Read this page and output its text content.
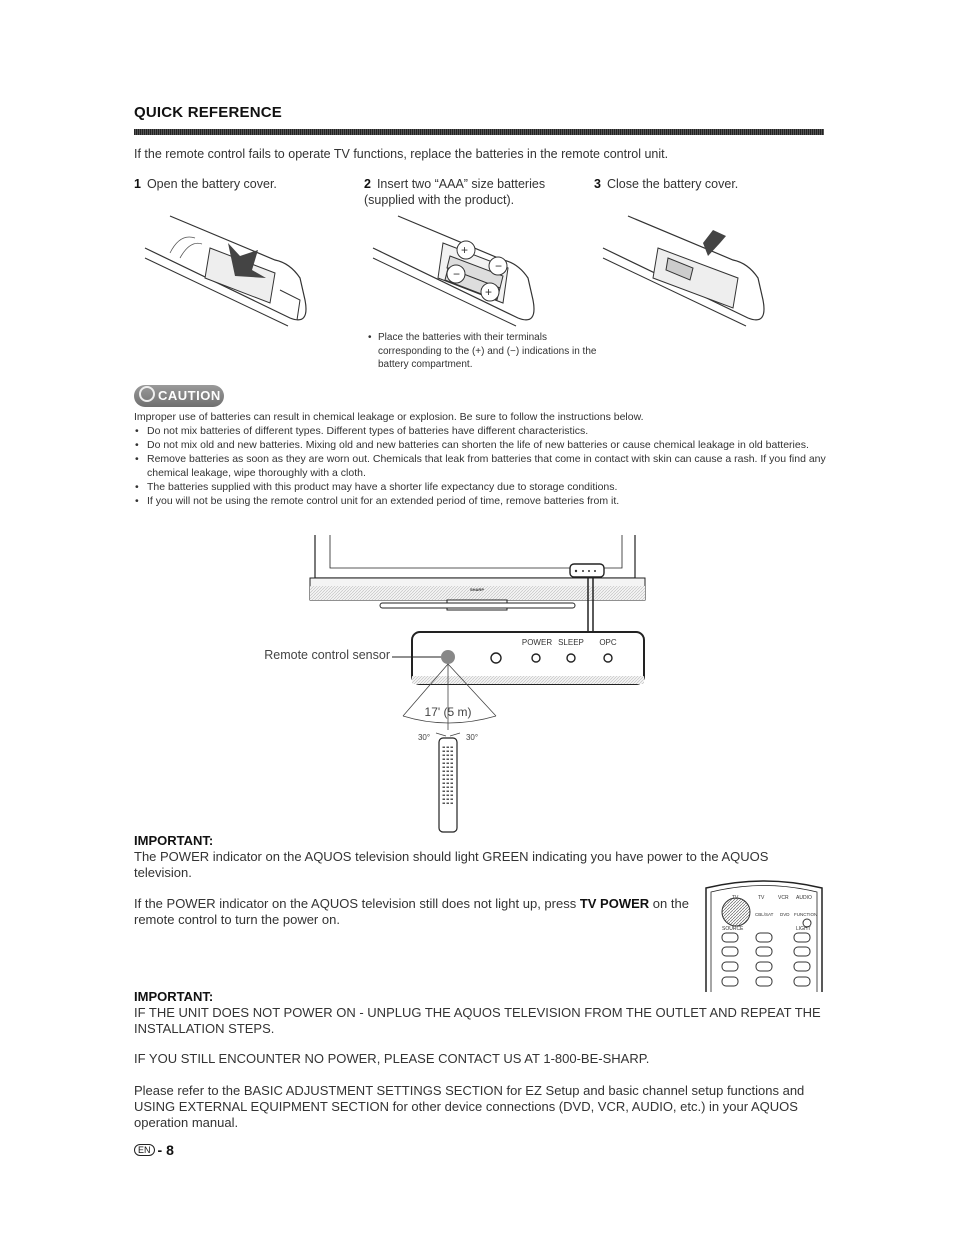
QUICK REFERENCE
If the remote control fails to operate TV functions, replace the batteries in the remote control unit.
1 Open the battery cover.	2 Insert two “AAA” size batteries (supplied with the product).
3 Close the battery cover.
+
−
−
+
• Place the batteries with their terminals corresponding to the (+) and (−) indications in the battery compartment.
CAUTION
Improper use of batteries can result in chemical leakage or explosion. Be sure to follow the instructions below.
• Do not mix batteries of different types. Different types of batteries have different characteristics.
• Do not mix old and new batteries. Mixing old and new batteries can shorten the life of new batteries or cause chemical leakage in old batteries.
• Remove batteries as soon as they are worn out. Chemicals that leak from batteries that come in contact with skin can cause a rash. If you find any chemical leakage, wipe thoroughly with a cloth.
• The batteries supplied with this product may have a shorter life expectancy due to storage conditions.
• If you will not be using the remote control unit for an extended period of time, remove batteries from it.
SHARP
POWER SLEEP OPC
Remote control sensor
17' (5 m)
30°	30°
IMPORTANT:
The POWER indicator on the AQUOS television should light GREEN indicating you have power to the AQUOS television.
If the POWER indicator on the AQUOS television still does not light up, press TV POWER on the remote control to turn the power on.
TV	TV	VCR AUDIO
CBL/SAT DVD FUNCTION
SOURCE	LIGHT
IMPORTANT:
IF THE UNIT DOES NOT POWER ON - UNPLUG THE AQUOS TELEVISION FROM THE OUTLET AND REPEAT THE INSTALLATION STEPS.
IF YOU STILL ENCOUNTER NO POWER, PLEASE CONTACT US AT 1-800-BE-SHARP.
Please refer to the BASIC ADJUSTMENT SETTINGS SECTION for EZ Setup and basic channel setup functions and USING EXTERNAL EQUIPMENT SECTION for other device connections (DVD, VCR, AUDIO, etc.) in your AQUOS operation manual.
EN - 8
